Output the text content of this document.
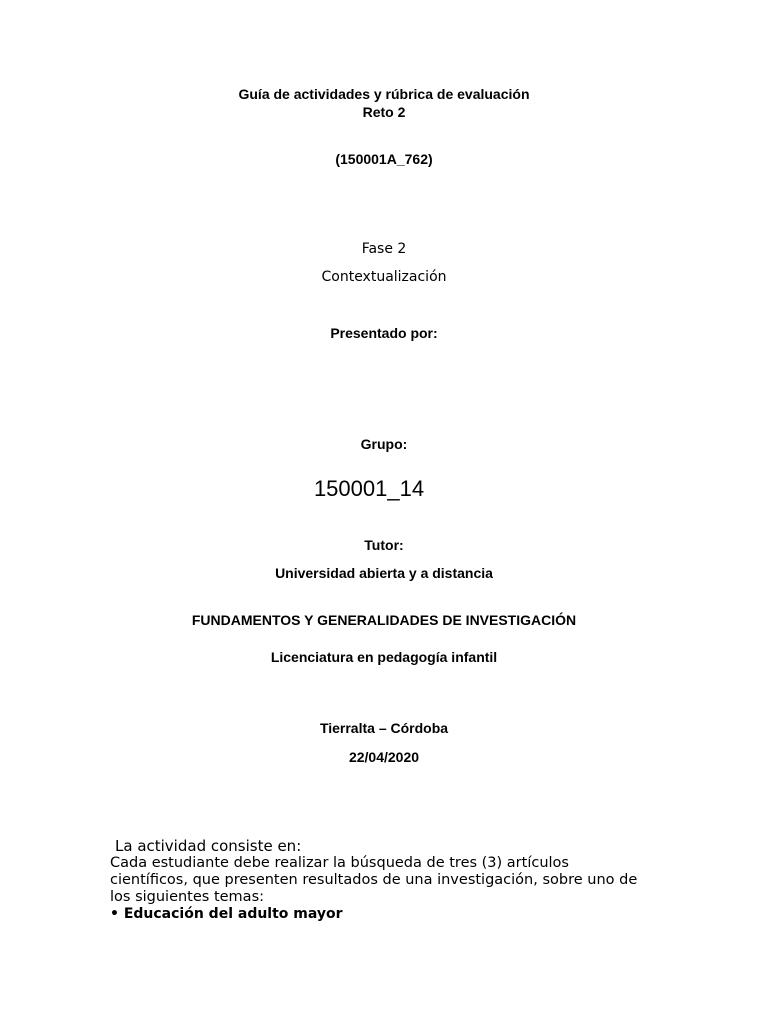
Guía de actividades y rúbrica de evaluación
Reto 2
(150001A_762)
Fase 2
Contextualización
Presentado por:
Grupo:
150001_14
Tutor:
Universidad abierta y a distancia
FUNDAMENTOS Y GENERALIDADES DE INVESTIGACIÓN
Licenciatura en pedagogía infantil
Tierralta – Córdoba
22/04/2020
La actividad consiste en:
Cada estudiante debe realizar la búsqueda de tres (3) artículos
científicos, que presenten resultados de una investigación, sobre uno de
los siguientes temas:
• Educación del adulto mayor
